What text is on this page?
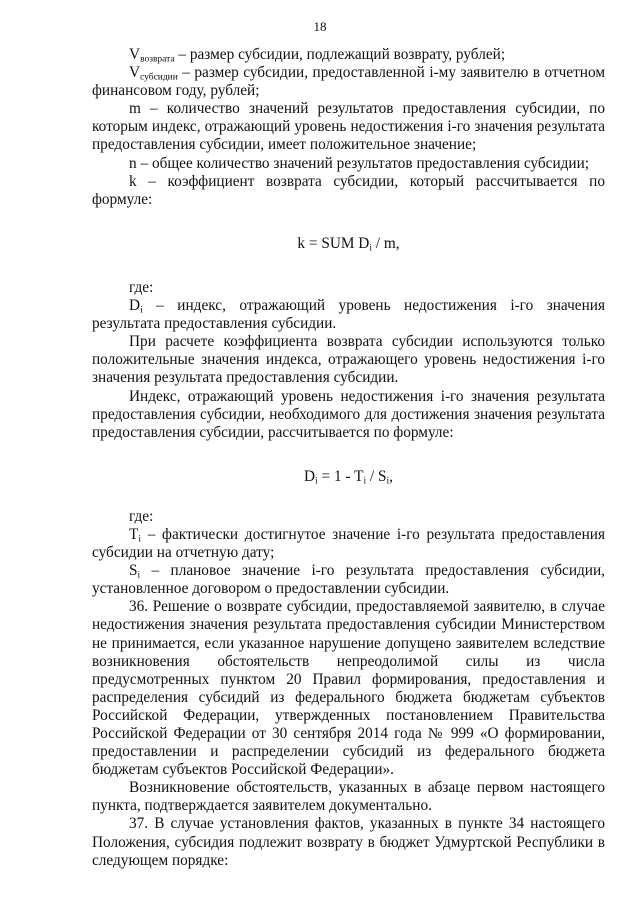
18

$V_{возврата}$ – размер субсидии, подлежащий возврату, рублей;

$V_{субсидии}$ – размер субсидии, предоставленной i-му заявителю в отчетном финансовом году, рублей;

m – количество значений результатов предоставления субсидии, по которым индекс, отражающий уровень недостижения i-го значения результата предоставления субсидии, имеет положительное значение;

n – общее количество значений результатов предоставления субсидии;

k – коэффициент возврата субсидии, который рассчитывается по формуле:

k = SUM $D_i$ / m,

где:

$D_i$ – индекс, отражающий уровень недостижения i-го значения результата предоставления субсидии.

При расчете коэффициента возврата субсидии используются только положительные значения индекса, отражающего уровень недостижения i-го значения результата предоставления субсидии.

Индекс, отражающий уровень недостижения i-го значения результата предоставления субсидии, необходимого для достижения значения результата предоставления субсидии, рассчитывается по формуле:

$D_i = 1 - T_i / S_i$,

где:

$T_i$ – фактически достигнутое значение i-го результата предоставления субсидии на отчетную дату;

$S_i$ – плановое значение i-го результата предоставления субсидии, установленное договором о предоставлении субсидии.

36. Решение о возврате субсидии, предоставляемой заявителю, в случае недостижения значения результата предоставления субсидии Министерством не принимается, если указанное нарушение допущено заявителем вследствие возникновения обстоятельств непреодолимой силы из числа предусмотренных пунктом 20 Правил формирования, предоставления и распределения субсидий из федерального бюджета бюджетам субъектов Российской Федерации, утвержденных постановлением Правительства Российской Федерации от 30 сентября 2014 года № 999 «О формировании, предоставлении и распределении субсидий из федерального бюджета бюджетам субъектов Российской Федерации».

Возникновение обстоятельств, указанных в абзаце первом настоящего пункта, подтверждается заявителем документально.

37. В случае установления фактов, указанных в пункте 34 настоящего Положения, субсидия подлежит возврату в бюджет Удмуртской Республики в следующем порядке:
